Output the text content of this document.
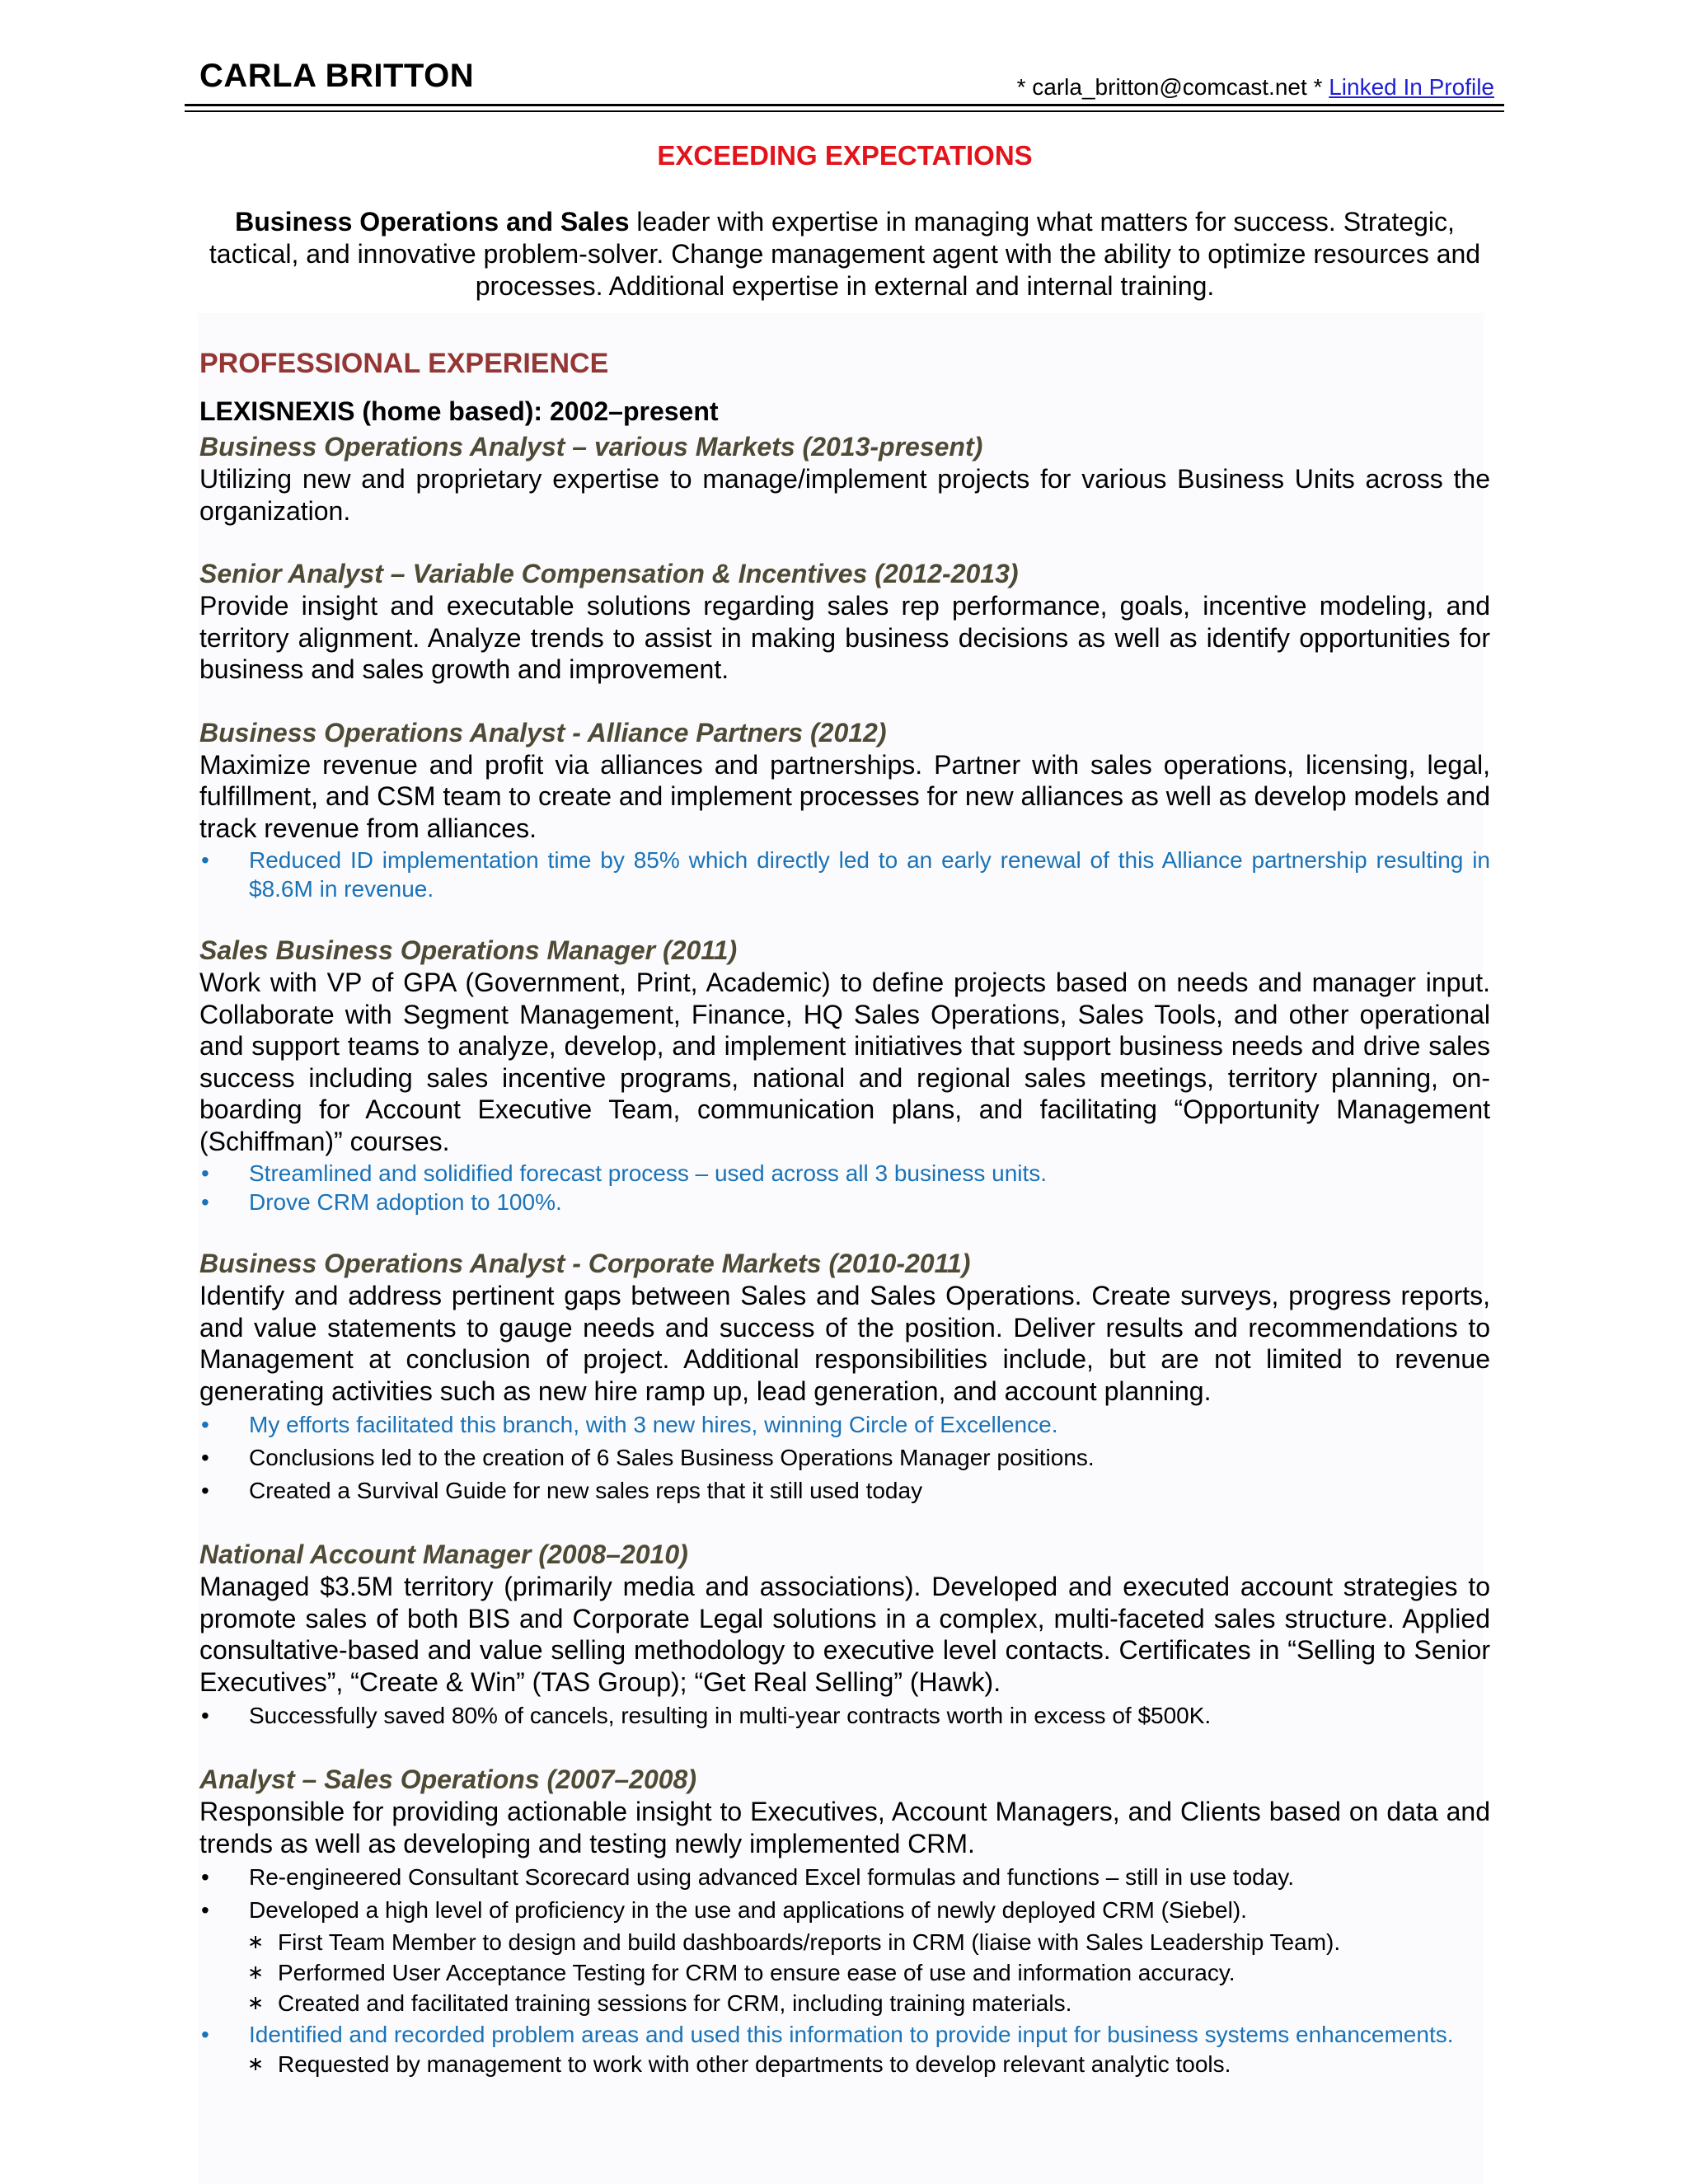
CARLA BRITTON	* carla_britton@comcast.net * Linked In Profile
EXCEEDING EXPECTATIONS

Business Operations and Sales leader with expertise in managing what matters for success. Strategic, tactical, and innovative problem-solver. Change management agent with the ability to optimize resources and processes. Additional expertise in external and internal training.

PROFESSIONAL EXPERIENCE
LEXISNEXIS (home based): 2002–present
Business Operations Analyst – various Markets (2013-present)

Utilizing new and proprietary expertise to manage/implement projects for various Business Units across the organization.

Senior Analyst – Variable Compensation & Incentives (2012-2013)

Provide insight and executable solutions regarding sales rep performance, goals, incentive modeling, and territory alignment. Analyze trends to assist in making business decisions as well as identify opportunities for business and sales growth and improvement.

Business Operations Analyst - Alliance Partners (2012)

Maximize revenue and profit via alliances and partnerships. Partner with sales operations, licensing, legal, fulfillment, and CSM team to create and implement processes for new alliances as well as develop models and track revenue from alliances.

• Reduced ID implementation time by 85% which directly led to an early renewal of this Alliance partnership resulting in $8.6M in revenue.
Sales Business Operations Manager (2011)

Work with VP of GPA (Government, Print, Academic) to define projects based on needs and manager input. Collaborate with Segment Management, Finance, HQ Sales Operations, Sales Tools, and other operational and support teams to analyze, develop, and implement initiatives that support business needs and drive sales success including sales incentive programs, national and regional sales meetings, territory planning, on-boarding for Account Executive Team, communication plans, and facilitating “Opportunity Management (Schiffman)” courses.

• Streamlined and solidified forecast process – used across all 3 business units.
• Drove CRM adoption to 100%.
Business Operations Analyst - Corporate Markets (2010-2011)

Identify and address pertinent gaps between Sales and Sales Operations. Create surveys, progress reports, and value statements to gauge needs and success of the position. Deliver results and recommendations to Management at conclusion of project. Additional responsibilities include, but are not limited to revenue generating activities such as new hire ramp up, lead generation, and account planning.

• My efforts facilitated this branch, with 3 new hires, winning Circle of Excellence.
• Conclusions led to the creation of 6 Sales Business Operations Manager positions.
• Created a Survival Guide for new sales reps that it still used today
National Account Manager (2008–2010)

Managed $3.5M territory (primarily media and associations). Developed and executed account strategies to promote sales of both BIS and Corporate Legal solutions in a complex, multi-faceted sales structure. Applied consultative-based and value selling methodology to executive level contacts. Certificates in “Selling to Senior Executives”, “Create & Win” (TAS Group); “Get Real Selling” (Hawk).

• Successfully saved 80% of cancels, resulting in multi-year contracts worth in excess of $500K.
Analyst – Sales Operations (2007–2008)

Responsible for providing actionable insight to Executives, Account Managers, and Clients based on data and trends as well as developing and testing newly implemented CRM.

• Re-engineered Consultant Scorecard using advanced Excel formulas and functions – still in use today.
• Developed a high level of proficiency in the use and applications of newly deployed CRM (Siebel).
∗ First Team Member to design and build dashboards/reports in CRM (liaise with Sales Leadership Team).
∗ Performed User Acceptance Testing for CRM to ensure ease of use and information accuracy.
∗ Created and facilitated training sessions for CRM, including training materials.
• Identified and recorded problem areas and used this information to provide input for business systems enhancements.
∗ Requested by management to work with other departments to develop relevant analytic tools.
